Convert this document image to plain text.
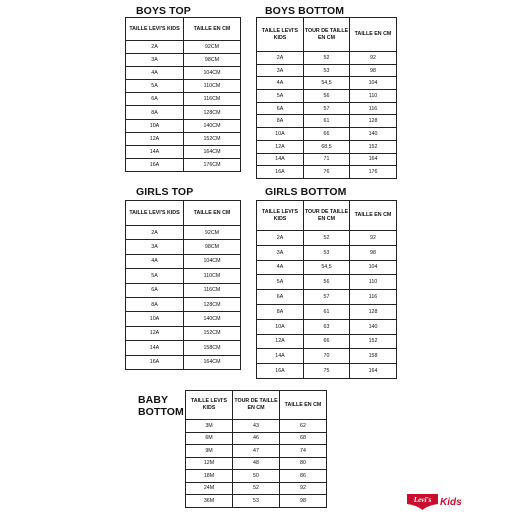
BOYS TOP
TAILLE LEVI'S KIDS	TAILLE EN CM
2A	92CM
3A	98CM
4A	104CM
5A	110CM
6A	116CM
8A	128CM
10A	140CM
12A	152CM
14A	164CM
16A	176CM
BOYS BOTTOM
TAILLE LEVI'S KIDS	TOUR DE TAILLE EN CM	TAILLE EN CM
2A	52	92
3A	53	98
4A	54,5	104
5A	56	110
6A	57	116
8A	61	128
10A	66	140
12A	68,5	152
14A	71	164
16A	76	176
GIRLS TOP
TAILLE LEVI'S KIDS	TAILLE EN CM
2A	92CM
3A	98CM
4A	104CM
5A	110CM
6A	116CM
8A	128CM
10A	140CM
12A	152CM
14A	158CM
16A	164CM
GIRLS BOTTOM
TAILLE LEVI'S KIDS	TOUR DE TAILLE EN CM	TAILLE EN CM
2A	52	92
3A	53	98
4A	54,5	104
5A	56	110
6A	57	116
8A	61	128
10A	63	140
12A	66	152
14A	70	158
16A	75	164
BABY
BOTTOM
TAILLE LEVI'S KIDS	TOUR DE TAILLE EN CM	TAILLE EN CM
3M	43	62
6M	46	68
9M	47	74
12M	48	80
18M	50	86
24M	52	92
36M	53	98	Levi's Kids
